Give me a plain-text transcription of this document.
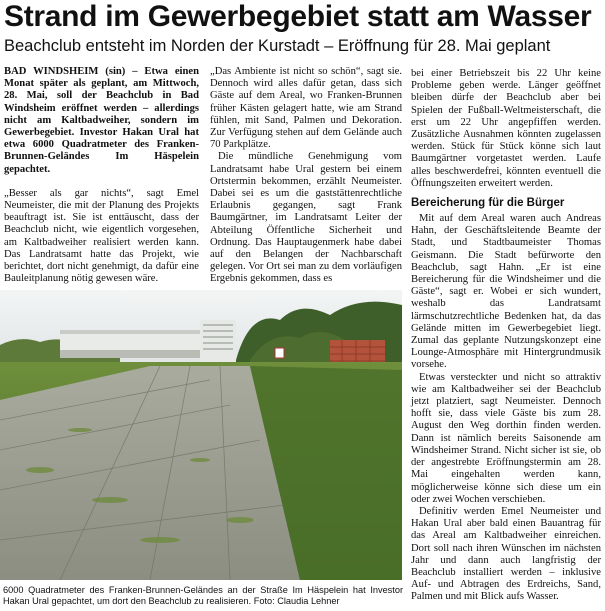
Strand im Gewerbegebiet statt am Wasser
Beachclub entsteht im Norden der Kurstadt – Eröffnung für 28. Mai geplant

BAD WINDSHEIM (sin) – Etwa einen Monat später als geplant, am Mittwoch, 28. Mai, soll der Beachclub in Bad Windsheim eröffnet werden – allerdings nicht am Kaltbadweiher, sondern im Gewerbegebiet. Investor Hakan Ural hat etwa 6000 Quadratmeter des Franken-Brunnen-Geländes Im Häspelein gepachtet.

„Besser als gar nichts“, sagt Emel Neumeister, die mit der Planung des Projekts beauftragt ist. Sie ist enttäuscht, dass der Beachclub nicht, wie eigentlich vorgesehen, am Kaltbadweiher realisiert werden kann. Das Landratsamt hatte das Projekt, wie berichtet, dort nicht genehmigt, da dafür eine Bauleitplanung nötig gewesen wäre.

„Das Ambiente ist nicht so schön“, sagt sie. Dennoch wird alles dafür getan, dass sich Gäste auf dem Areal, wo Franken-Brunnen früher Kästen gelagert hatte, wie am Strand fühlen, mit Sand, Palmen und Dekoration. Zur Verfügung stehen auf dem Gelände auch 70 Parkplätze.

Die mündliche Genehmigung vom Landratsamt habe Ural gestern bei einem Ortstermin bekommen, erzählt Neumeister. Dabei sei es um die gaststättenrechtliche Erlaubnis gegangen, sagt Frank Baumgärtner, im Landratsamt Leiter der Abteilung Öffentliche Sicherheit und Ordnung. Das Hauptaugenmerk habe dabei auf den Belangen der Nachbarschaft gelegen. Vor Ort sei man zu dem vorläufigen Ergebnis gekommen, dass es

bei einer Betriebszeit bis 22 Uhr keine Probleme geben werde. Länger geöffnet bleiben dürfe der Beachclub aber bei Spielen der Fußball-Weltmeisterschaft, die erst um 22 Uhr angepfiffen werden. Zusätzliche Ausnahmen könnten zugelassen werden. Stück für Stück könne sich laut Baumgärtner vorgetastet werden. Laufe alles beschwerdefrei, könnten eventuell die Öffnungszeiten erweitert werden.

Bereicherung für die Bürger

Mit auf dem Areal waren auch Andreas Hahn, der Geschäftsleitende Beamte der Stadt, und Stadtbaumeister Thomas Geismann. Die Stadt befürworte den Beachclub, sagt Hahn. „Er ist eine Bereicherung für die Windsheimer und die Gäste“, sagt er. Wobei er sich wundert, weshalb das Landratsamt lärmschutzrechtliche Bedenken hat, da das Gelände mitten im Gewerbegebiet liegt. Zumal das geplante Nutzungskonzept eine Lounge-Atmosphäre mit Hintergrundmusik vorsehe.

Etwas versteckter und nicht so attraktiv wie am Kaltbadweiher sei der Beachclub jetzt platziert, sagt Neumeister. Dennoch hofft sie, dass viele Gäste bis zum 28. August den Weg dorthin finden werden. Dann ist nämlich bereits Saisonende am Windsheimer Strand. Nicht sicher ist sie, ob der angestrebte Eröffnungstermin am 28. Mai eingehalten werden kann, möglicherweise könne sich diese um ein oder zwei Wochen verschieben.

Definitiv werden Emel Neumeister und Hakan Ural aber bald einen Bauantrag für das Areal am Kaltbadweiher einreichen. Dort soll nach ihren Wünschen im nächsten Jahr und dann auch langfristig der Beachclub installiert werden – inklusive Auf- und Abtragen des Erdreichs, Sand, Palmen und mit Blick aufs Wasser.

6000 Quadratmeter des Franken-Brunnen-Geländes an der Straße Im Häspelein hat Investor Hakan Ural gepachtet, um dort den Beachclub zu realisieren. Foto: Claudia Lehner
